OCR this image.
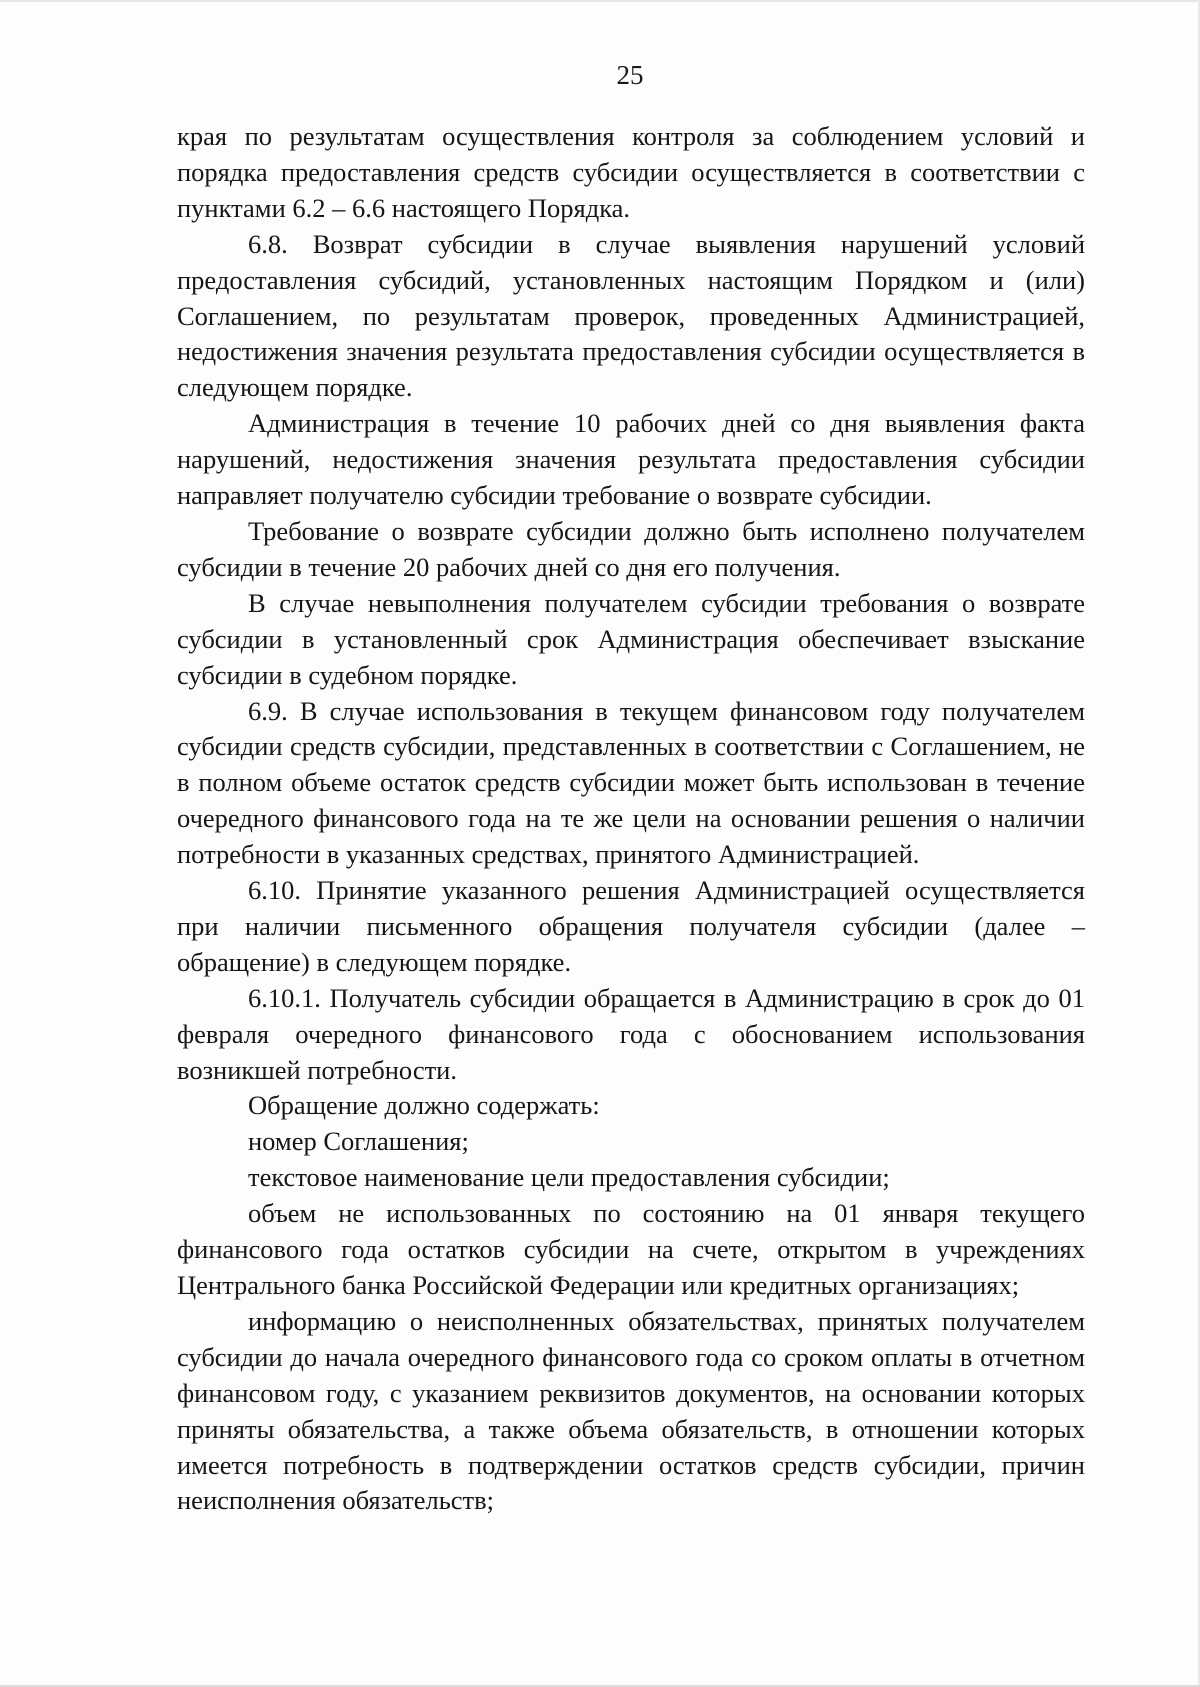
25

края по результатам осуществления контроля за соблюдением условий и порядка предоставления средств субсидии осуществляется в соответствии с пунктами 6.2 – 6.6 настоящего Порядка.

6.8. Возврат субсидии в случае выявления нарушений условий предоставления субсидий, установленных настоящим Порядком и (или) Соглашением, по результатам проверок, проведенных Администрацией, недостижения значения результата предоставления субсидии осуществляется в следующем порядке.

Администрация в течение 10 рабочих дней со дня выявления факта нарушений, недостижения значения результата предоставления субсидии направляет получателю субсидии требование о возврате субсидии.

Требование о возврате субсидии должно быть исполнено получателем субсидии в течение 20 рабочих дней со дня его получения.

В случае невыполнения получателем субсидии требования о возврате субсидии в установленный срок Администрация обеспечивает взыскание субсидии в судебном порядке.

6.9. В случае использования в текущем финансовом году получателем субсидии средств субсидии, представленных в соответствии с Соглашением, не в полном объеме остаток средств субсидии может быть использован в течение очередного финансового года на те же цели на основании решения о наличии потребности в указанных средствах, принятого Администрацией.

6.10. Принятие указанного решения Администрацией осуществляется при наличии письменного обращения получателя субсидии (далее – обращение) в следующем порядке.

6.10.1. Получатель субсидии обращается в Администрацию в срок до 01 февраля очередного финансового года с обоснованием использования возникшей потребности.

Обращение должно содержать:

номер Соглашения;

текстовое наименование цели предоставления субсидии;

объем не использованных по состоянию на 01 января текущего финансового года остатков субсидии на счете, открытом в учреждениях Центрального банка Российской Федерации или кредитных организациях;

информацию о неисполненных обязательствах, принятых получателем субсидии до начала очередного финансового года со сроком оплаты в отчетном финансовом году, с указанием реквизитов документов, на основании которых приняты обязательства, а также объема обязательств, в отношении которых имеется потребность в подтверждении остатков средств субсидии, причин неисполнения обязательств;
